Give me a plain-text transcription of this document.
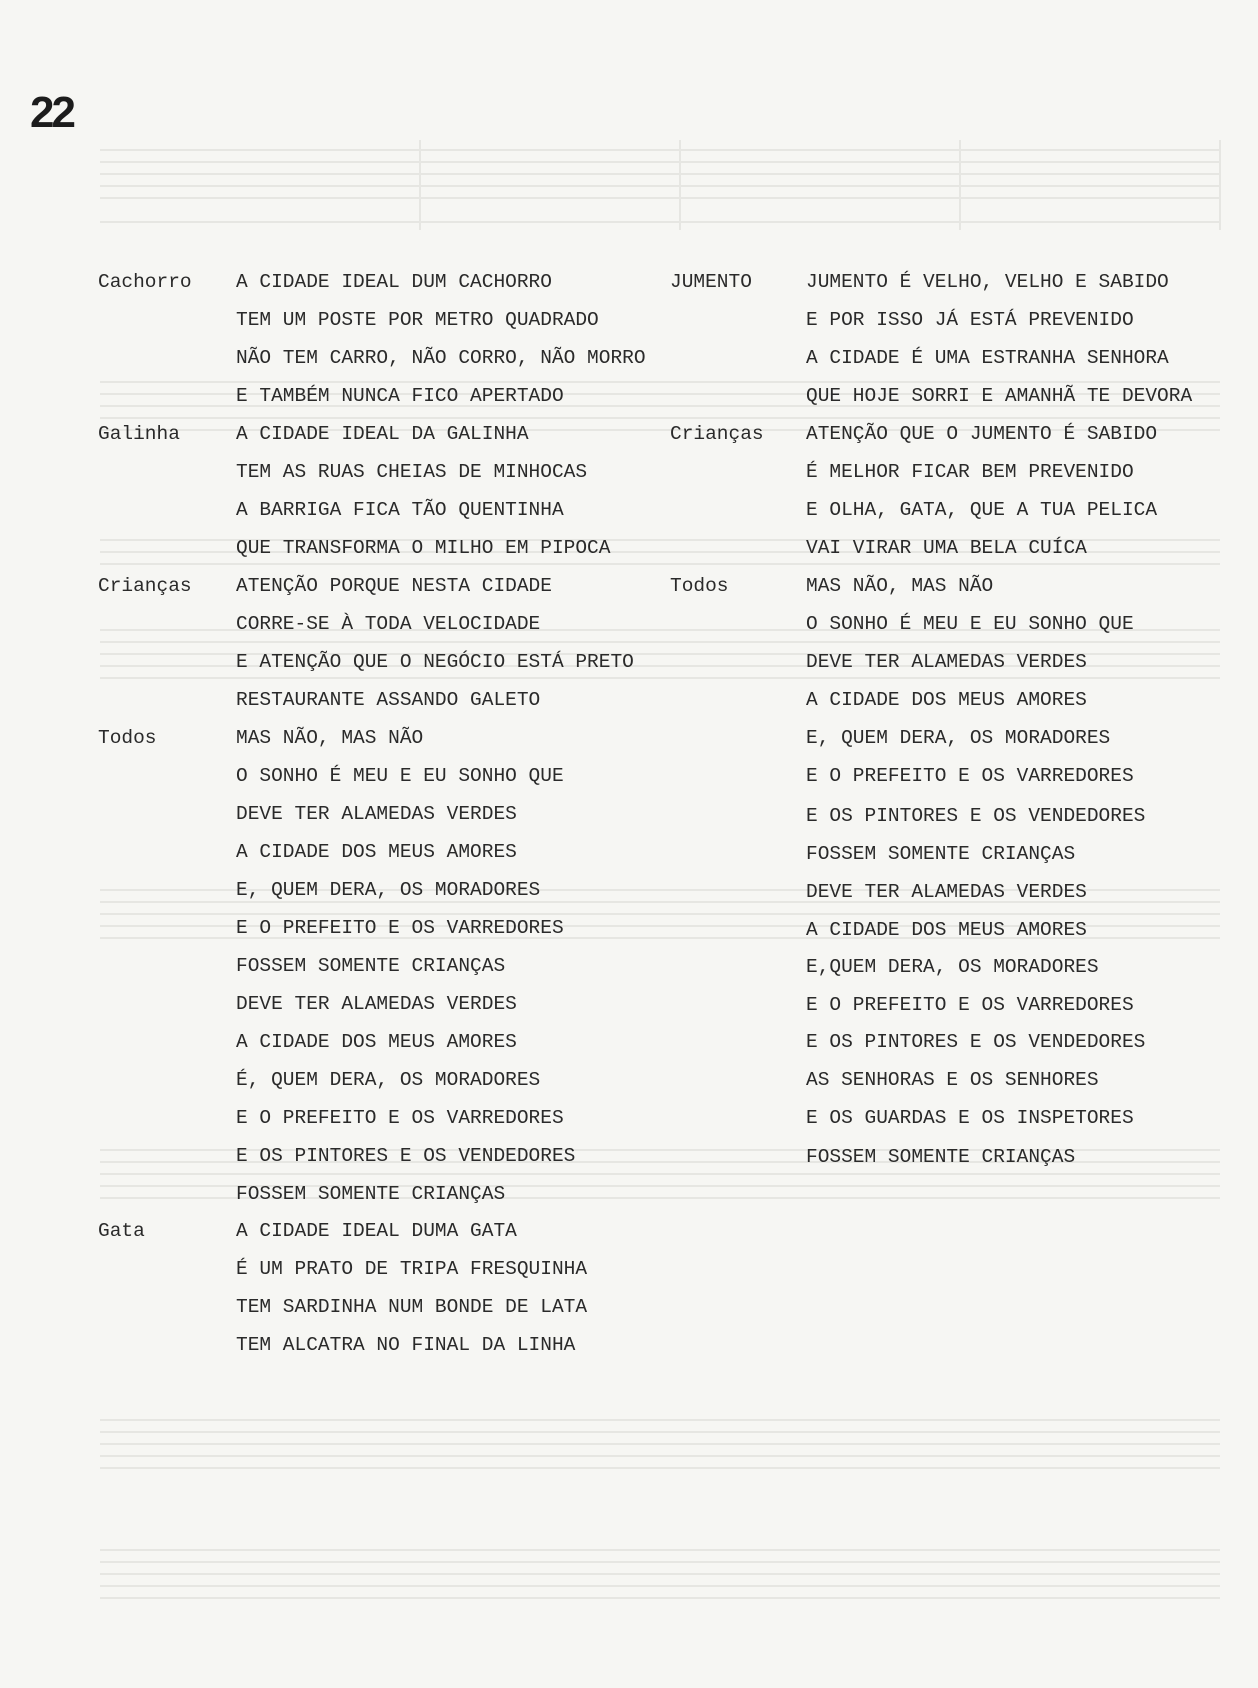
22
Cachorro
Galinha
Crianças
Todos
Gata
JUMENTO
Crianças
Todos
A CIDADE IDEAL DUM CACHORRO
TEM UM POSTE POR METRO QUADRADO
NÃO TEM CARRO, NÃO CORRO, NÃO MORRO
E TAMBÉM NUNCA FICO APERTADO
A CIDADE IDEAL DA GALINHA
TEM AS RUAS CHEIAS DE MINHOCAS
A BARRIGA FICA TÃO QUENTINHA
QUE TRANSFORMA O MILHO EM PIPOCA
ATENÇÃO PORQUE NESTA CIDADE
CORRE-SE À TODA VELOCIDADE
E ATENÇÃO QUE O NEGÓCIO ESTÁ PRETO
RESTAURANTE ASSANDO GALETO
MAS NÃO, MAS NÃO
O SONHO É MEU E EU SONHO QUE
DEVE TER ALAMEDAS VERDES
A CIDADE DOS MEUS AMORES
E, QUEM DERA, OS MORADORES
E O PREFEITO E OS VARREDORES
FOSSEM SOMENTE CRIANÇAS
DEVE TER ALAMEDAS VERDES
A CIDADE DOS MEUS AMORES
É, QUEM DERA, OS MORADORES
E O PREFEITO E OS VARREDORES
E OS PINTORES E OS VENDEDORES
FOSSEM SOMENTE CRIANÇAS
A CIDADE IDEAL DUMA GATA
É UM PRATO DE TRIPA FRESQUINHA
TEM SARDINHA NUM BONDE DE LATA
TEM ALCATRA NO FINAL DA LINHA
JUMENTO É VELHO, VELHO E SABIDO
E POR ISSO JÁ ESTÁ PREVENIDO
A CIDADE É UMA ESTRANHA SENHORA
QUE HOJE SORRI E AMANHÃ TE DEVORA
ATENÇÃO QUE O JUMENTO É SABIDO
É MELHOR FICAR BEM PREVENIDO
E OLHA, GATA, QUE A TUA PELICA
VAI VIRAR UMA BELA CUÍCA
MAS NÃO, MAS NÃO
O SONHO É MEU E EU SONHO QUE
DEVE TER ALAMEDAS VERDES
A CIDADE DOS MEUS AMORES
E, QUEM DERA, OS MORADORES
E O PREFEITO E OS VARREDORES
E OS PINTORES E OS VENDEDORES
FOSSEM SOMENTE CRIANÇAS
DEVE TER ALAMEDAS VERDES
A CIDADE DOS MEUS AMORES
E,QUEM DERA, OS MORADORES
E O PREFEITO E OS VARREDORES
E OS PINTORES E OS VENDEDORES
AS SENHORAS E OS SENHORES
E OS GUARDAS E OS INSPETORES
FOSSEM SOMENTE CRIANÇAS
